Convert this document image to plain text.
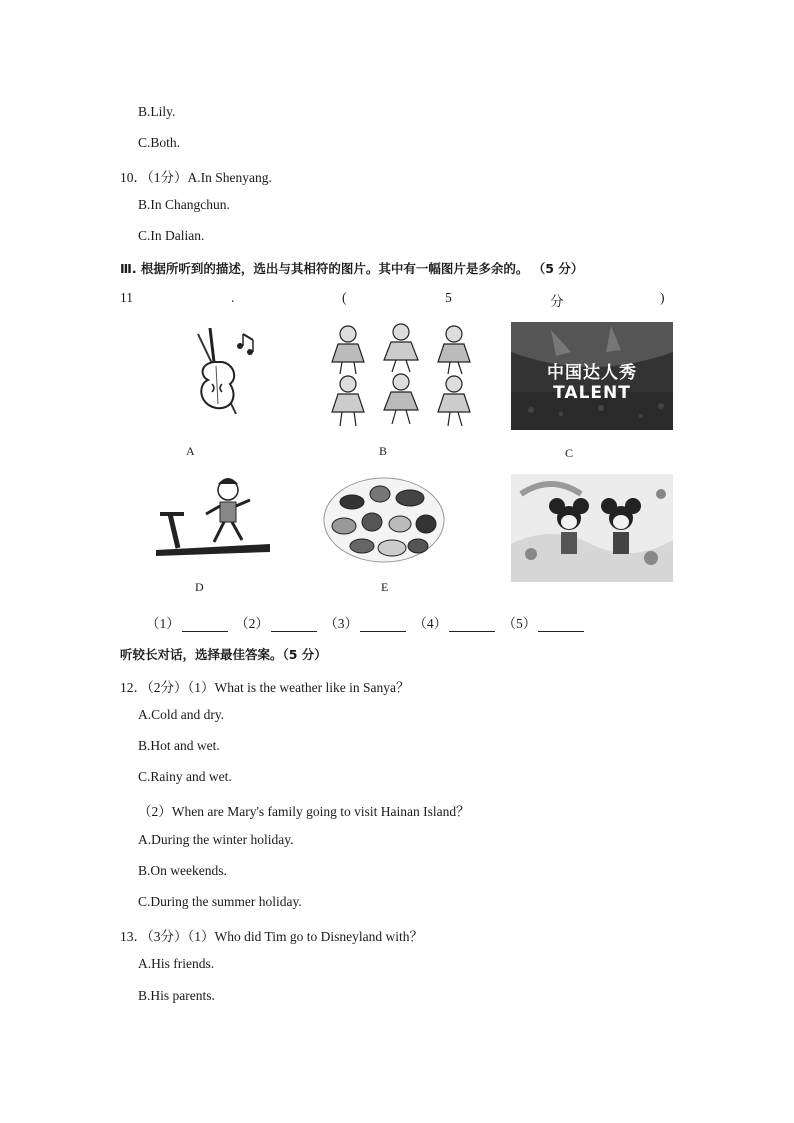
B.Lily.
C.Both.
10．（1分）A.In Shenyang.
B.In Changchun.
C.In Dalian.
Ⅲ. 根据所听到的描述，选出与其相符的图片。其中有一幅图片是多余的。 （5 分）
11	.	(	5	分	)
A	B
中国达人秀 TALENT
C
D	E
（1）	（2）	（3）	（4）	（5）
听较长对话，选择最佳答案。（5 分）
12．（2分）（1）What is the weather like in Sanya？
A.Cold and dry.
B.Hot and wet.
C.Rainy and wet.
（2）When are Mary's family going to visit Hainan Island？
A.During the winter holiday.
B.On weekends.
C.During the summer holiday.
13．（3分）（1）Who did Tim go to Disneyland with？
A.His friends.
B.His parents.
